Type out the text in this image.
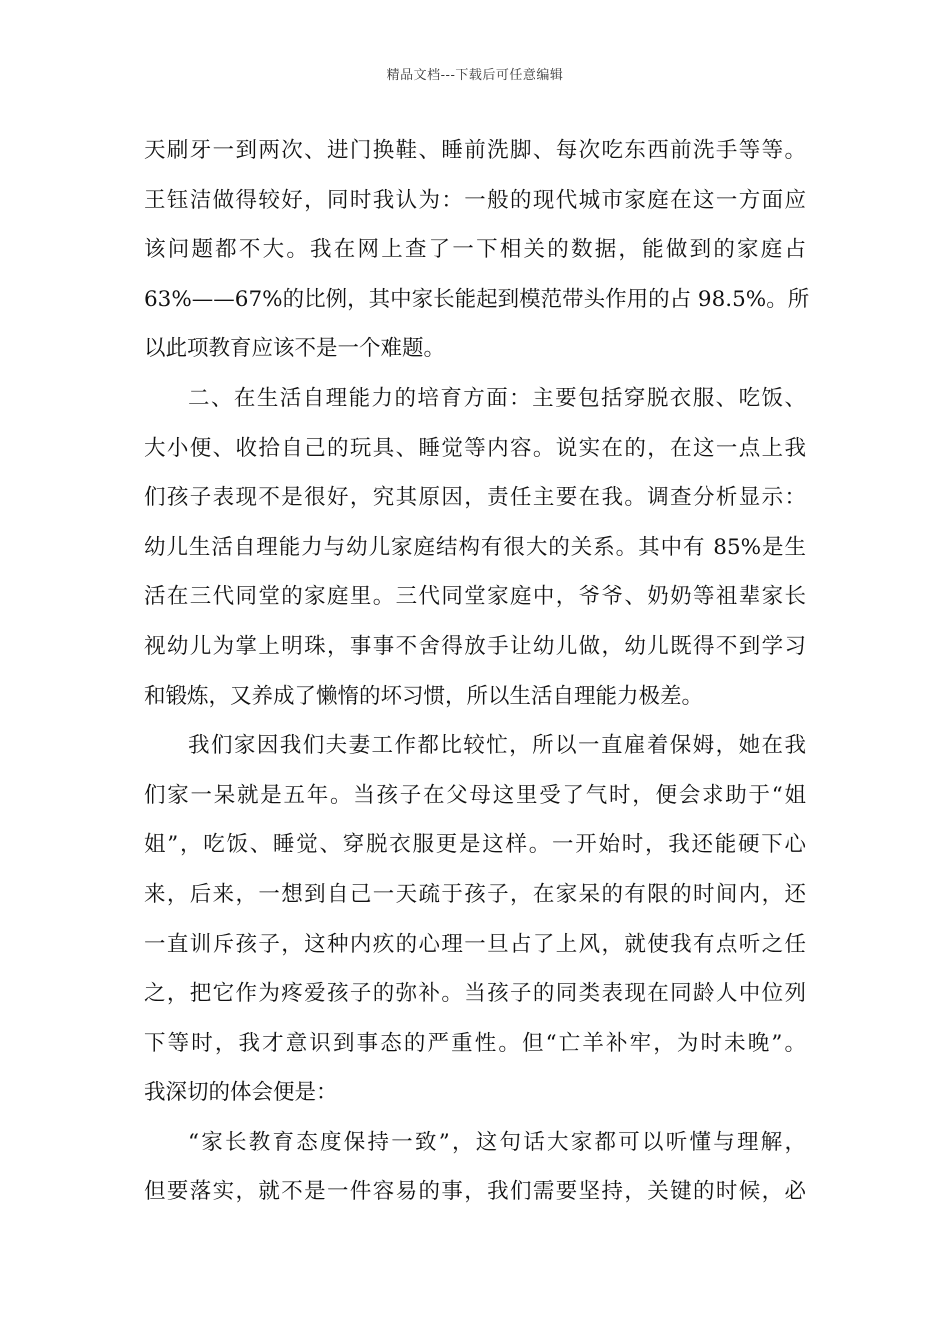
精品文档---下载后可任意编辑
天刷牙一到两次、进门换鞋、睡前洗脚、每次吃东西前洗手等等。
王钰洁做得较好，同时我认为：一般的现代城市家庭在这一方面应
该问题都不大。我在网上查了一下相关的数据，能做到的家庭占
63%——67%的比例，其中家长能起到模范带头作用的占 98.5%。所
以此项教育应该不是一个难题。
二、在生活自理能力的培育方面：主要包括穿脱衣服、吃饭、
大小便、收拾自己的玩具、睡觉等内容。说实在的，在这一点上我
们孩子表现不是很好，究其原因，责任主要在我。调查分析显示：
幼儿生活自理能力与幼儿家庭结构有很大的关系。其中有 85%是生
活在三代同堂的家庭里。三代同堂家庭中，爷爷、奶奶等祖辈家长
视幼儿为掌上明珠，事事不舍得放手让幼儿做，幼儿既得不到学习
和锻炼，又养成了懒惰的坏习惯，所以生活自理能力极差。
我们家因我们夫妻工作都比较忙，所以一直雇着保姆，她在我
们家一呆就是五年。当孩子在父母这里受了气时，便会求助于“姐
姐”，吃饭、睡觉、穿脱衣服更是这样。一开始时，我还能硬下心
来，后来，一想到自己一天疏于孩子，在家呆的有限的时间内，还
一直训斥孩子，这种内疚的心理一旦占了上风，就使我有点听之任
之，把它作为疼爱孩子的弥补。当孩子的同类表现在同龄人中位列
下等时，我才意识到事态的严重性。但“亡羊补牢，为时未晚”。
我深切的体会便是：
“家长教育态度保持一致”，这句话大家都可以听懂与理解，
但要落实，就不是一件容易的事，我们需要坚持，关键的时候，必
